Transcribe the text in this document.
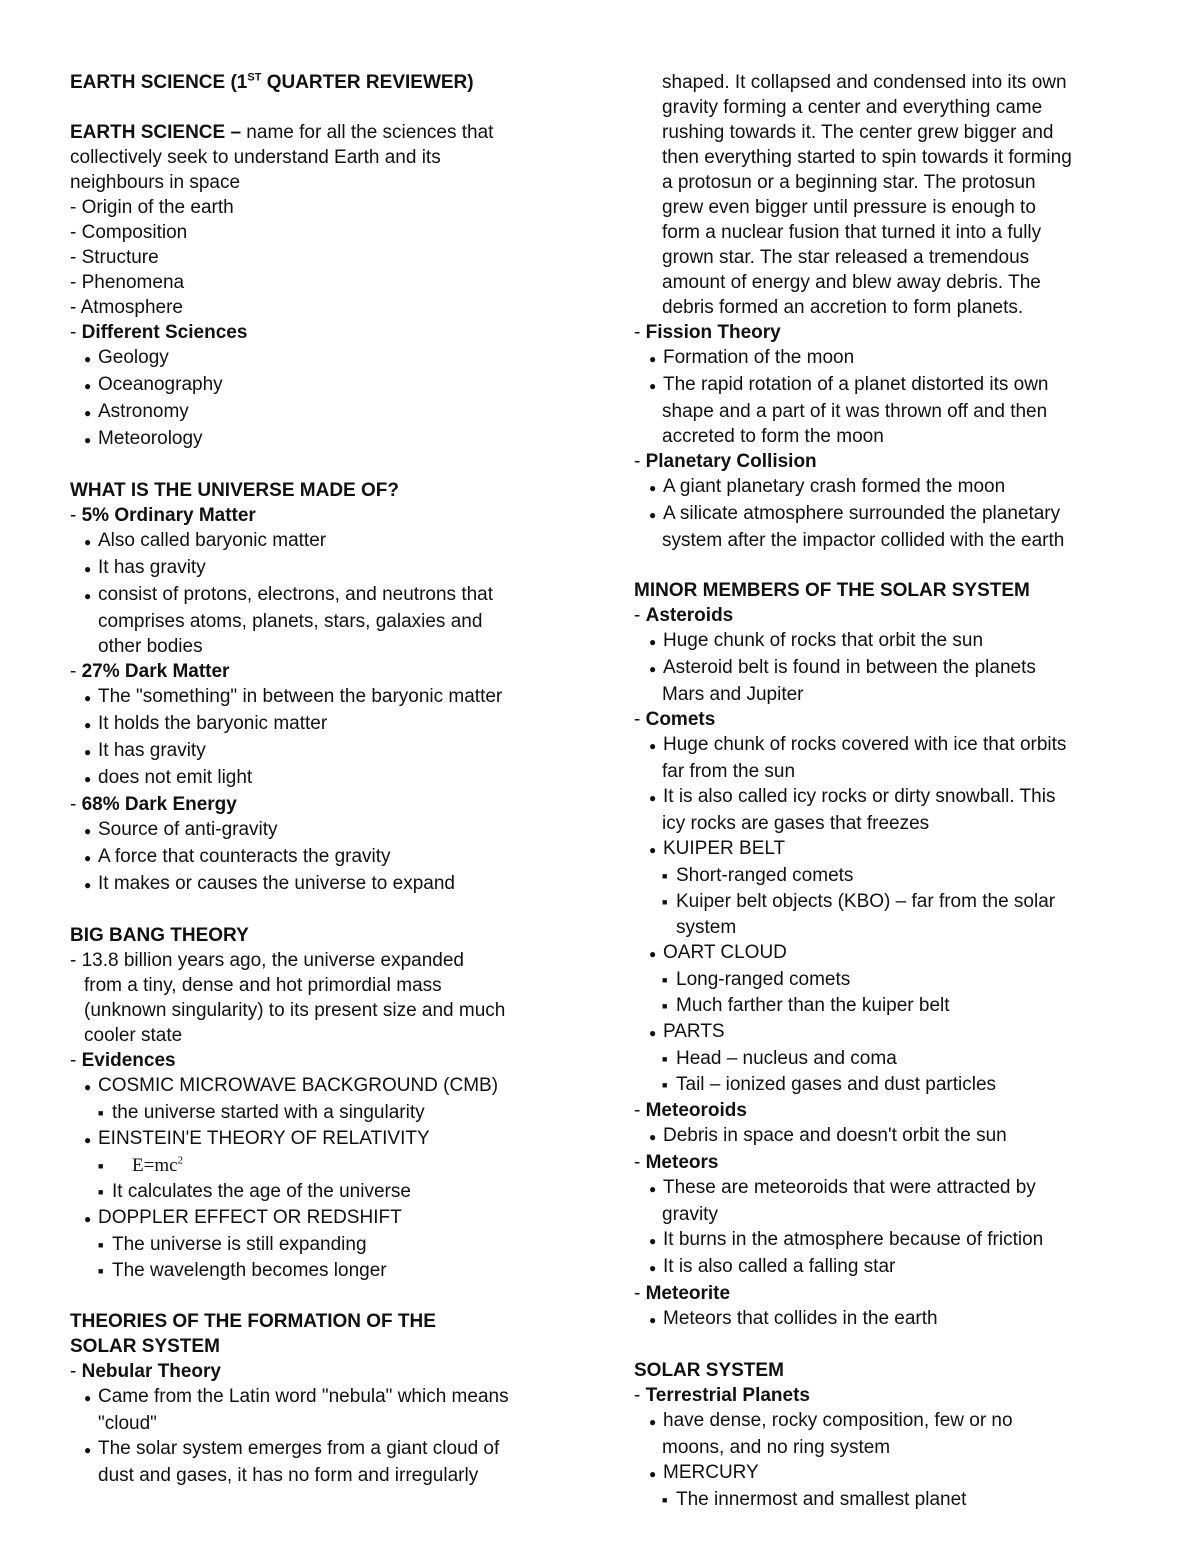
EARTH SCIENCE (1ST QUARTER REVIEWER)
EARTH SCIENCE – name for all the sciences that
collectively seek to understand Earth and its
neighbours in space
- Origin of the earth
- Composition
- Structure
- Phenomena
- Atmosphere
- Different Sciences
● Geology
● Oceanography
● Astronomy
● Meteorology
WHAT IS THE UNIVERSE MADE OF?
- 5% Ordinary Matter
● Also called baryonic matter
● It has gravity
● consist of protons, electrons, and neutrons that
comprises atoms, planets, stars, galaxies and
other bodies
- 27% Dark Matter
● The "something" in between the baryonic matter
● It holds the baryonic matter
● It has gravity
● does not emit light
- 68% Dark Energy
● Source of anti-gravity
● A force that counteracts the gravity
● It makes or causes the universe to expand
BIG BANG THEORY
- 13.8 billion years ago, the universe expanded
from a tiny, dense and hot primordial mass
(unknown singularity) to its present size and much
cooler state
- Evidences
● COSMIC MICROWAVE BACKGROUND (CMB)
■ the universe started with a singularity
● EINSTEIN'E THEORY OF RELATIVITY
■ $E=mc^2$
■ It calculates the age of the universe
● DOPPLER EFFECT OR REDSHIFT
■ The universe is still expanding
■ The wavelength becomes longer
THEORIES OF THE FORMATION OF THE
SOLAR SYSTEM
- Nebular Theory
● Came from the Latin word "nebula" which means
"cloud"
● The solar system emerges from a giant cloud of
dust and gases, it has no form and irregularly
shaped. It collapsed and condensed into its own
gravity forming a center and everything came
rushing towards it. The center grew bigger and
then everything started to spin towards it forming
a protosun or a beginning star. The protosun
grew even bigger until pressure is enough to
form a nuclear fusion that turned it into a fully
grown star. The star released a tremendous
amount of energy and blew away debris. The
debris formed an accretion to form planets.
- Fission Theory
● Formation of the moon
● The rapid rotation of a planet distorted its own
shape and a part of it was thrown off and then
accreted to form the moon
- Planetary Collision
● A giant planetary crash formed the moon
● A silicate atmosphere surrounded the planetary
system after the impactor collided with the earth
MINOR MEMBERS OF THE SOLAR SYSTEM
- Asteroids
● Huge chunk of rocks that orbit the sun
● Asteroid belt is found in between the planets
Mars and Jupiter
- Comets
● Huge chunk of rocks covered with ice that orbits
far from the sun
● It is also called icy rocks or dirty snowball. This
icy rocks are gases that freezes
● KUIPER BELT
■ Short-ranged comets
■ Kuiper belt objects (KBO) – far from the solar
system
● OART CLOUD
■ Long-ranged comets
■ Much farther than the kuiper belt
● PARTS
■ Head – nucleus and coma
■ Tail – ionized gases and dust particles
- Meteoroids
● Debris in space and doesn't orbit the sun
- Meteors
● These are meteoroids that were attracted by
gravity
● It burns in the atmosphere because of friction
● It is also called a falling star
- Meteorite
● Meteors that collides in the earth
SOLAR SYSTEM
- Terrestrial Planets
● have dense, rocky composition, few or no
moons, and no ring system
● MERCURY
■ The innermost and smallest planet
